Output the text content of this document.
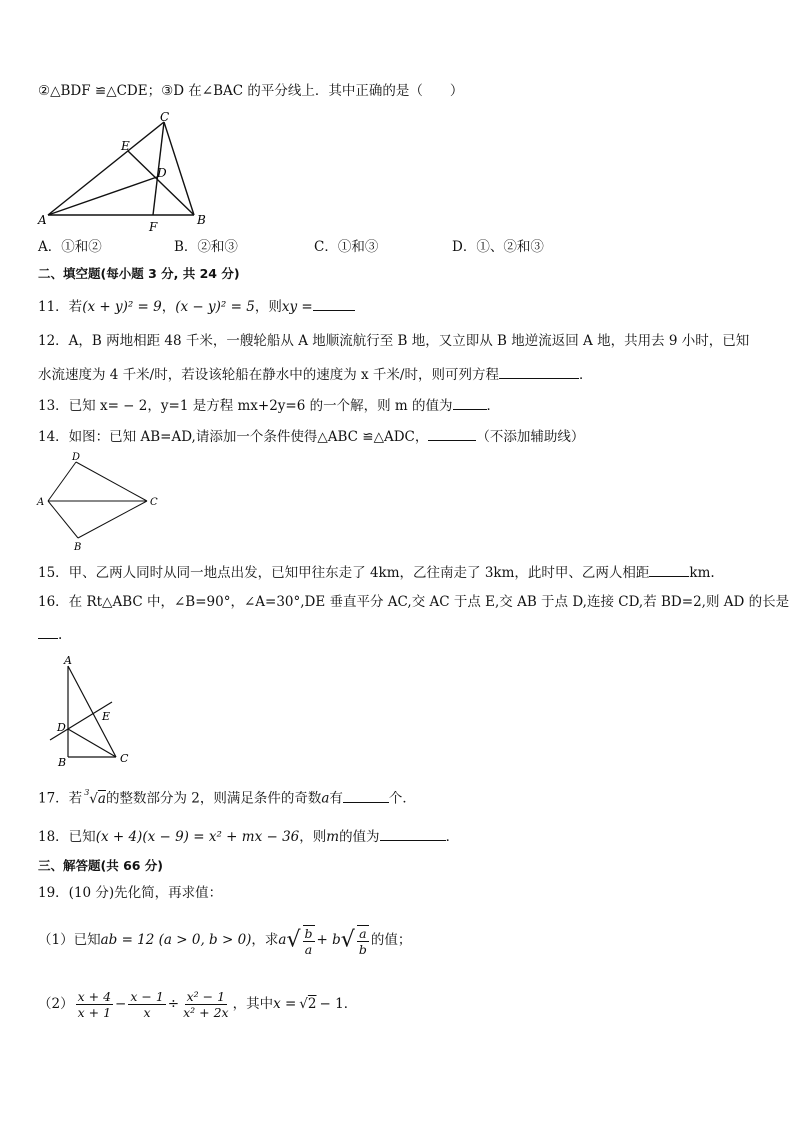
②△BDF ≌△CDE；③D 在∠BAC 的平分线上．其中正确的是（　　）
A	B
C
D
E
F
A．①和②	B．②和③	C．①和③	D．①、②和③
二、填空题(每小题 3 分, 共 24 分)
11．若(x + y)² = 9，(x − y)² = 5，则xy =
12．A，B 两地相距 48 千米，一艘轮船从 A 地顺流航行至 B 地，又立即从 B 地逆流返回 A 地，共用去 9 小时，已知
水流速度为 4 千米/时，若设该轮船在静水中的速度为 x 千米/时，则可列方程	．
13．已知 x= − 2，y=1 是方程 mx+2y=6 的一个解，则 m 的值为	．
14．如图：已知 AB=AD,请添加一个条件使得△ABC ≌△ADC，	（不添加辅助线）
A
B
C
D
15．甲、乙两人同时从同一地点出发，已知甲往东走了 4km，乙往南走了 3km，此时甲、乙两人相距	km.
16．在 Rt△ABC 中，∠B=90°，∠A=30°,DE 垂直平分 AC,交 AC 于点 E,交 AB 于点 D,连接 CD,若 BD=2,则 AD 的长是
.
A
B	C
D
E
17．若 $^3$√a的整数部分为 2，则满足条件的奇数a有	个．
18．已知(x + 4)(x − 9) = x² + mx − 36，则m的值为	．
三、解答题(共 66 分)
19．(10 分)先化简，再求值：
（1）已知ab = 12 (a > 0, b > 0)，求$a√ \frac{b}{a} + b√ \frac{a}{b}$ 的值；
$(2) \frac{x + 4}{x + 1} - \frac{x - 1}{x} \div \frac{\text{x² − 1}}{\text{x² + 2x}}$ ，其中x = √2 − 1．
